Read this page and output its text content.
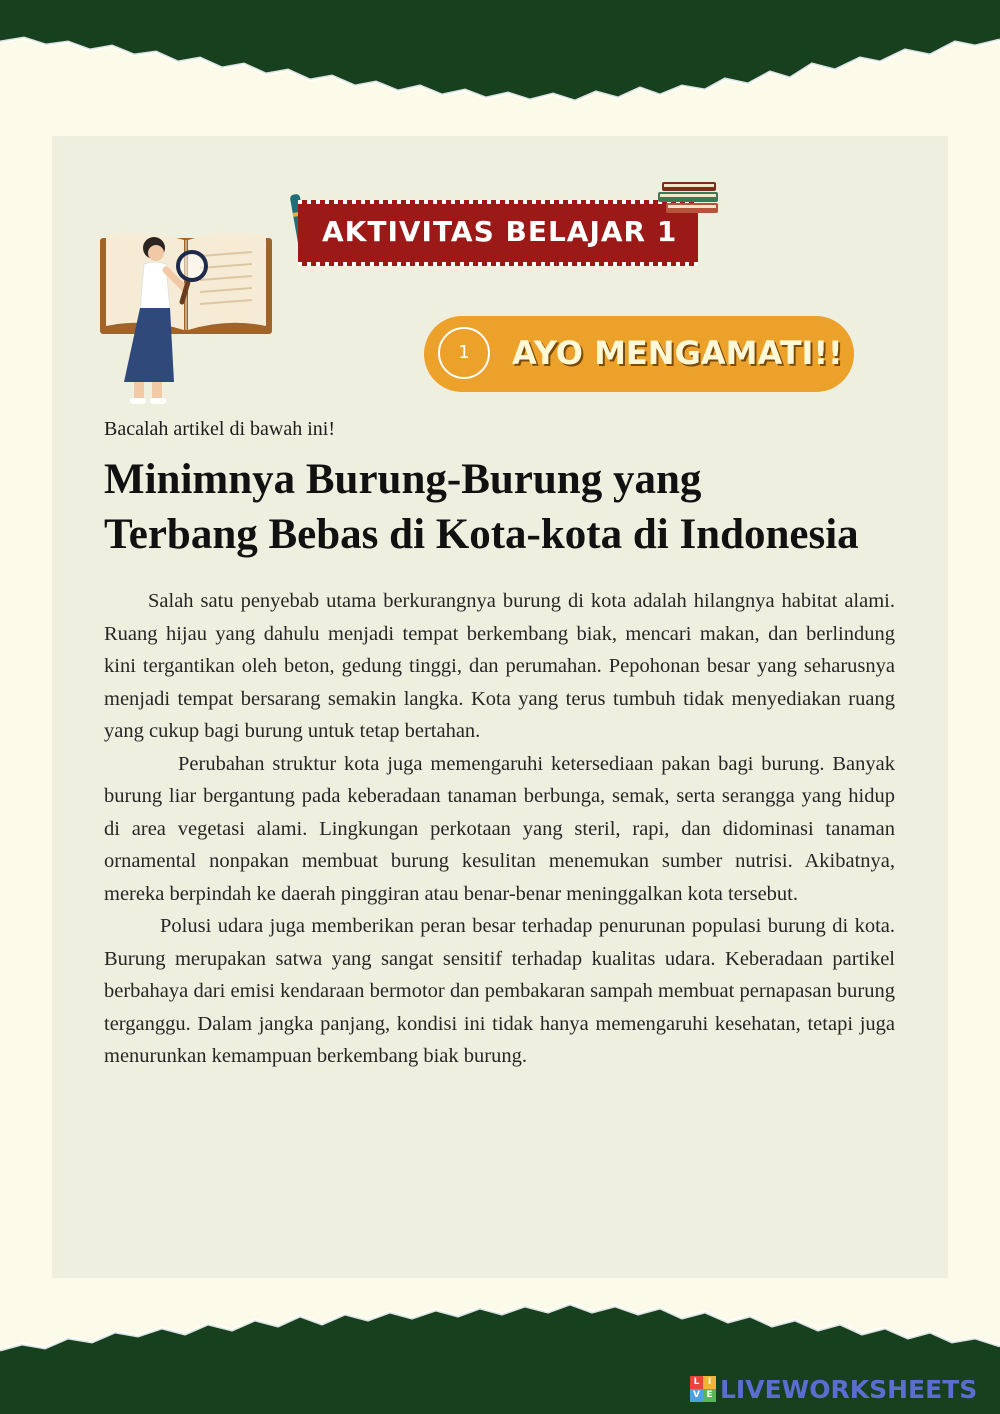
AKTIVITAS BELAJAR 1
1	AYO MENGAMATI!!
Bacalah artikel di bawah ini!
Minimnya Burung-Burung yang
Terbang Bebas di Kota-kota di Indonesia

Salah satu penyebab utama berkurangnya burung di kota adalah hilangnya habitat alami. Ruang hijau yang dahulu menjadi tempat berkembang biak, mencari makan, dan berlindung kini tergantikan oleh beton, gedung tinggi, dan perumahan. Pepohonan besar yang seharusnya menjadi tempat bersarang semakin langka. Kota yang terus tumbuh tidak menyediakan ruang yang cukup bagi burung untuk tetap bertahan.

Perubahan struktur kota juga memengaruhi ketersediaan pakan bagi burung. Banyak burung liar bergantung pada keberadaan tanaman berbunga, semak, serta serangga yang hidup di area vegetasi alami. Lingkungan perkotaan yang steril, rapi, dan didominasi tanaman ornamental nonpakan membuat burung kesulitan menemukan sumber nutrisi. Akibatnya, mereka berpindah ke daerah pinggiran atau benar-benar meninggalkan kota tersebut.

Polusi udara juga memberikan peran besar terhadap penurunan populasi burung di kota. Burung merupakan satwa yang sangat sensitif terhadap kualitas udara. Keberadaan partikel berbahaya dari emisi kendaraan bermotor dan pembakaran sampah membuat pernapasan burung terganggu. Dalam jangka panjang, kondisi ini tidak hanya memengaruhi kesehatan, tetapi juga menurunkan kemampuan berkembang biak burung.

L I
V E LIVEWORKSHEETS
